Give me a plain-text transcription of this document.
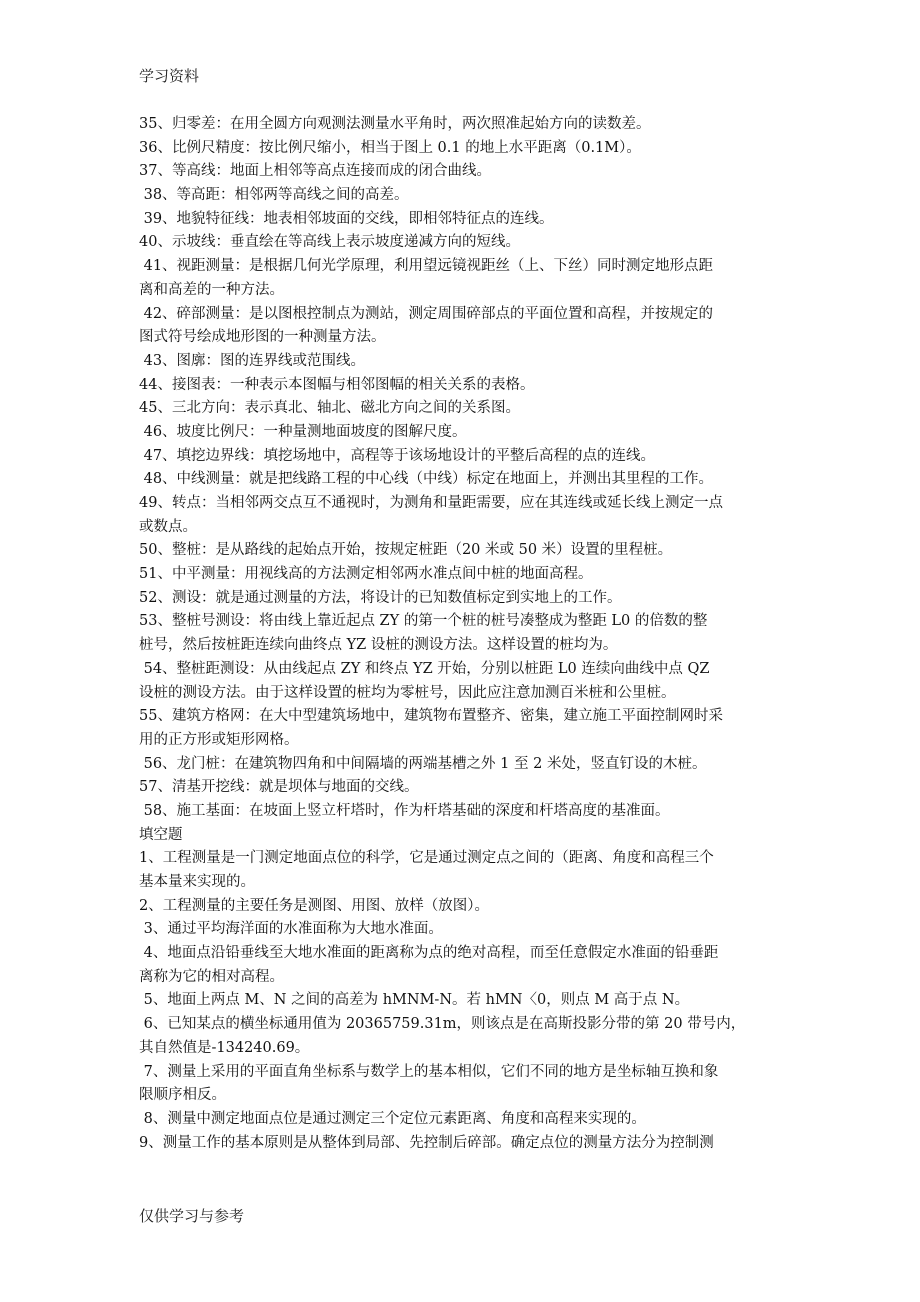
学习资料
35、归零差：在用全圆方向观测法测量水平角时，两次照准起始方向的读数差。
36、比例尺精度：按比例尺缩小，相当于图上 0.1 的地上水平距离（0.1M）。
37、等高线：地面上相邻等高点连接而成的闭合曲线。
38、等高距：相邻两等高线之间的高差。
39、地貌特征线：地表相邻坡面的交线，即相邻特征点的连线。
40、示坡线：垂直绘在等高线上表示坡度递减方向的短线。
41、视距测量：是根据几何光学原理，利用望远镜视距丝（上、下丝）同时测定地形点距
离和高差的一种方法。
42、碎部测量：是以图根控制点为测站，测定周围碎部点的平面位置和高程，并按规定的
图式符号绘成地形图的一种测量方法。
43、图廓：图的连界线或范围线。
44、接图表：一种表示本图幅与相邻图幅的相关关系的表格。
45、三北方向：表示真北、轴北、磁北方向之间的关系图。
46、坡度比例尺：一种量测地面坡度的图解尺度。
47、填挖边界线：填挖场地中，高程等于该场地设计的平整后高程的点的连线。
48、中线测量：就是把线路工程的中心线（中线）标定在地面上，并测出其里程的工作。
49、转点：当相邻两交点互不通视时，为测角和量距需要，应在其连线或延长线上测定一点
或数点。
50、整桩：是从路线的起始点开始，按规定桩距（20 米或 50 米）设置的里程桩。
51、中平测量：用视线高的方法测定相邻两水准点间中桩的地面高程。
52、测设：就是通过测量的方法，将设计的已知数值标定到实地上的工作。
53、整桩号测设：将由线上靠近起点 ZY 的第一个桩的桩号凑整成为整距 L0 的倍数的整
桩号，然后按桩距连续向曲终点 YZ 设桩的测设方法。这样设置的桩均为。
54、整桩距测设：从由线起点 ZY 和终点 YZ 开始，分别以桩距 L0 连续向曲线中点 QZ
设桩的测设方法。由于这样设置的桩均为零桩号，因此应注意加测百米桩和公里桩。
55、建筑方格网：在大中型建筑场地中，建筑物布置整齐、密集，建立施工平面控制网时采
用的正方形或矩形网格。
56、龙门桩：在建筑物四角和中间隔墙的两端基槽之外 1 至 2 米处，竖直钉设的木桩。
57、清基开挖线：就是坝体与地面的交线。
58、施工基面：在坡面上竖立杆塔时，作为杆塔基础的深度和杆塔高度的基准面。
填空题
1、工程测量是一门测定地面点位的科学，它是通过测定点之间的（距离、角度和高程三个
基本量来实现的。
2、工程测量的主要任务是测图、用图、放样（放图）。
3、通过平均海洋面的水准面称为大地水准面。
4、地面点沿铅垂线至大地水准面的距离称为点的绝对高程，而至任意假定水准面的铅垂距
离称为它的相对高程。
5、地面上两点 M、N 之间的高差为 hMNM-N。若 hMN〈0，则点 M 高于点 N。
6、已知某点的横坐标通用值为 20365759.31m，则该点是在高斯投影分带的第 20 带号内，
其自然值是-134240.69。
7、测量上采用的平面直角坐标系与数学上的基本相似，它们不同的地方是坐标轴互换和象
限顺序相反。
8、测量中测定地面点位是通过测定三个定位元素距离、角度和高程来实现的。
9、测量工作的基本原则是从整体到局部、先控制后碎部。确定点位的测量方法分为控制测
仅供学习与参考
